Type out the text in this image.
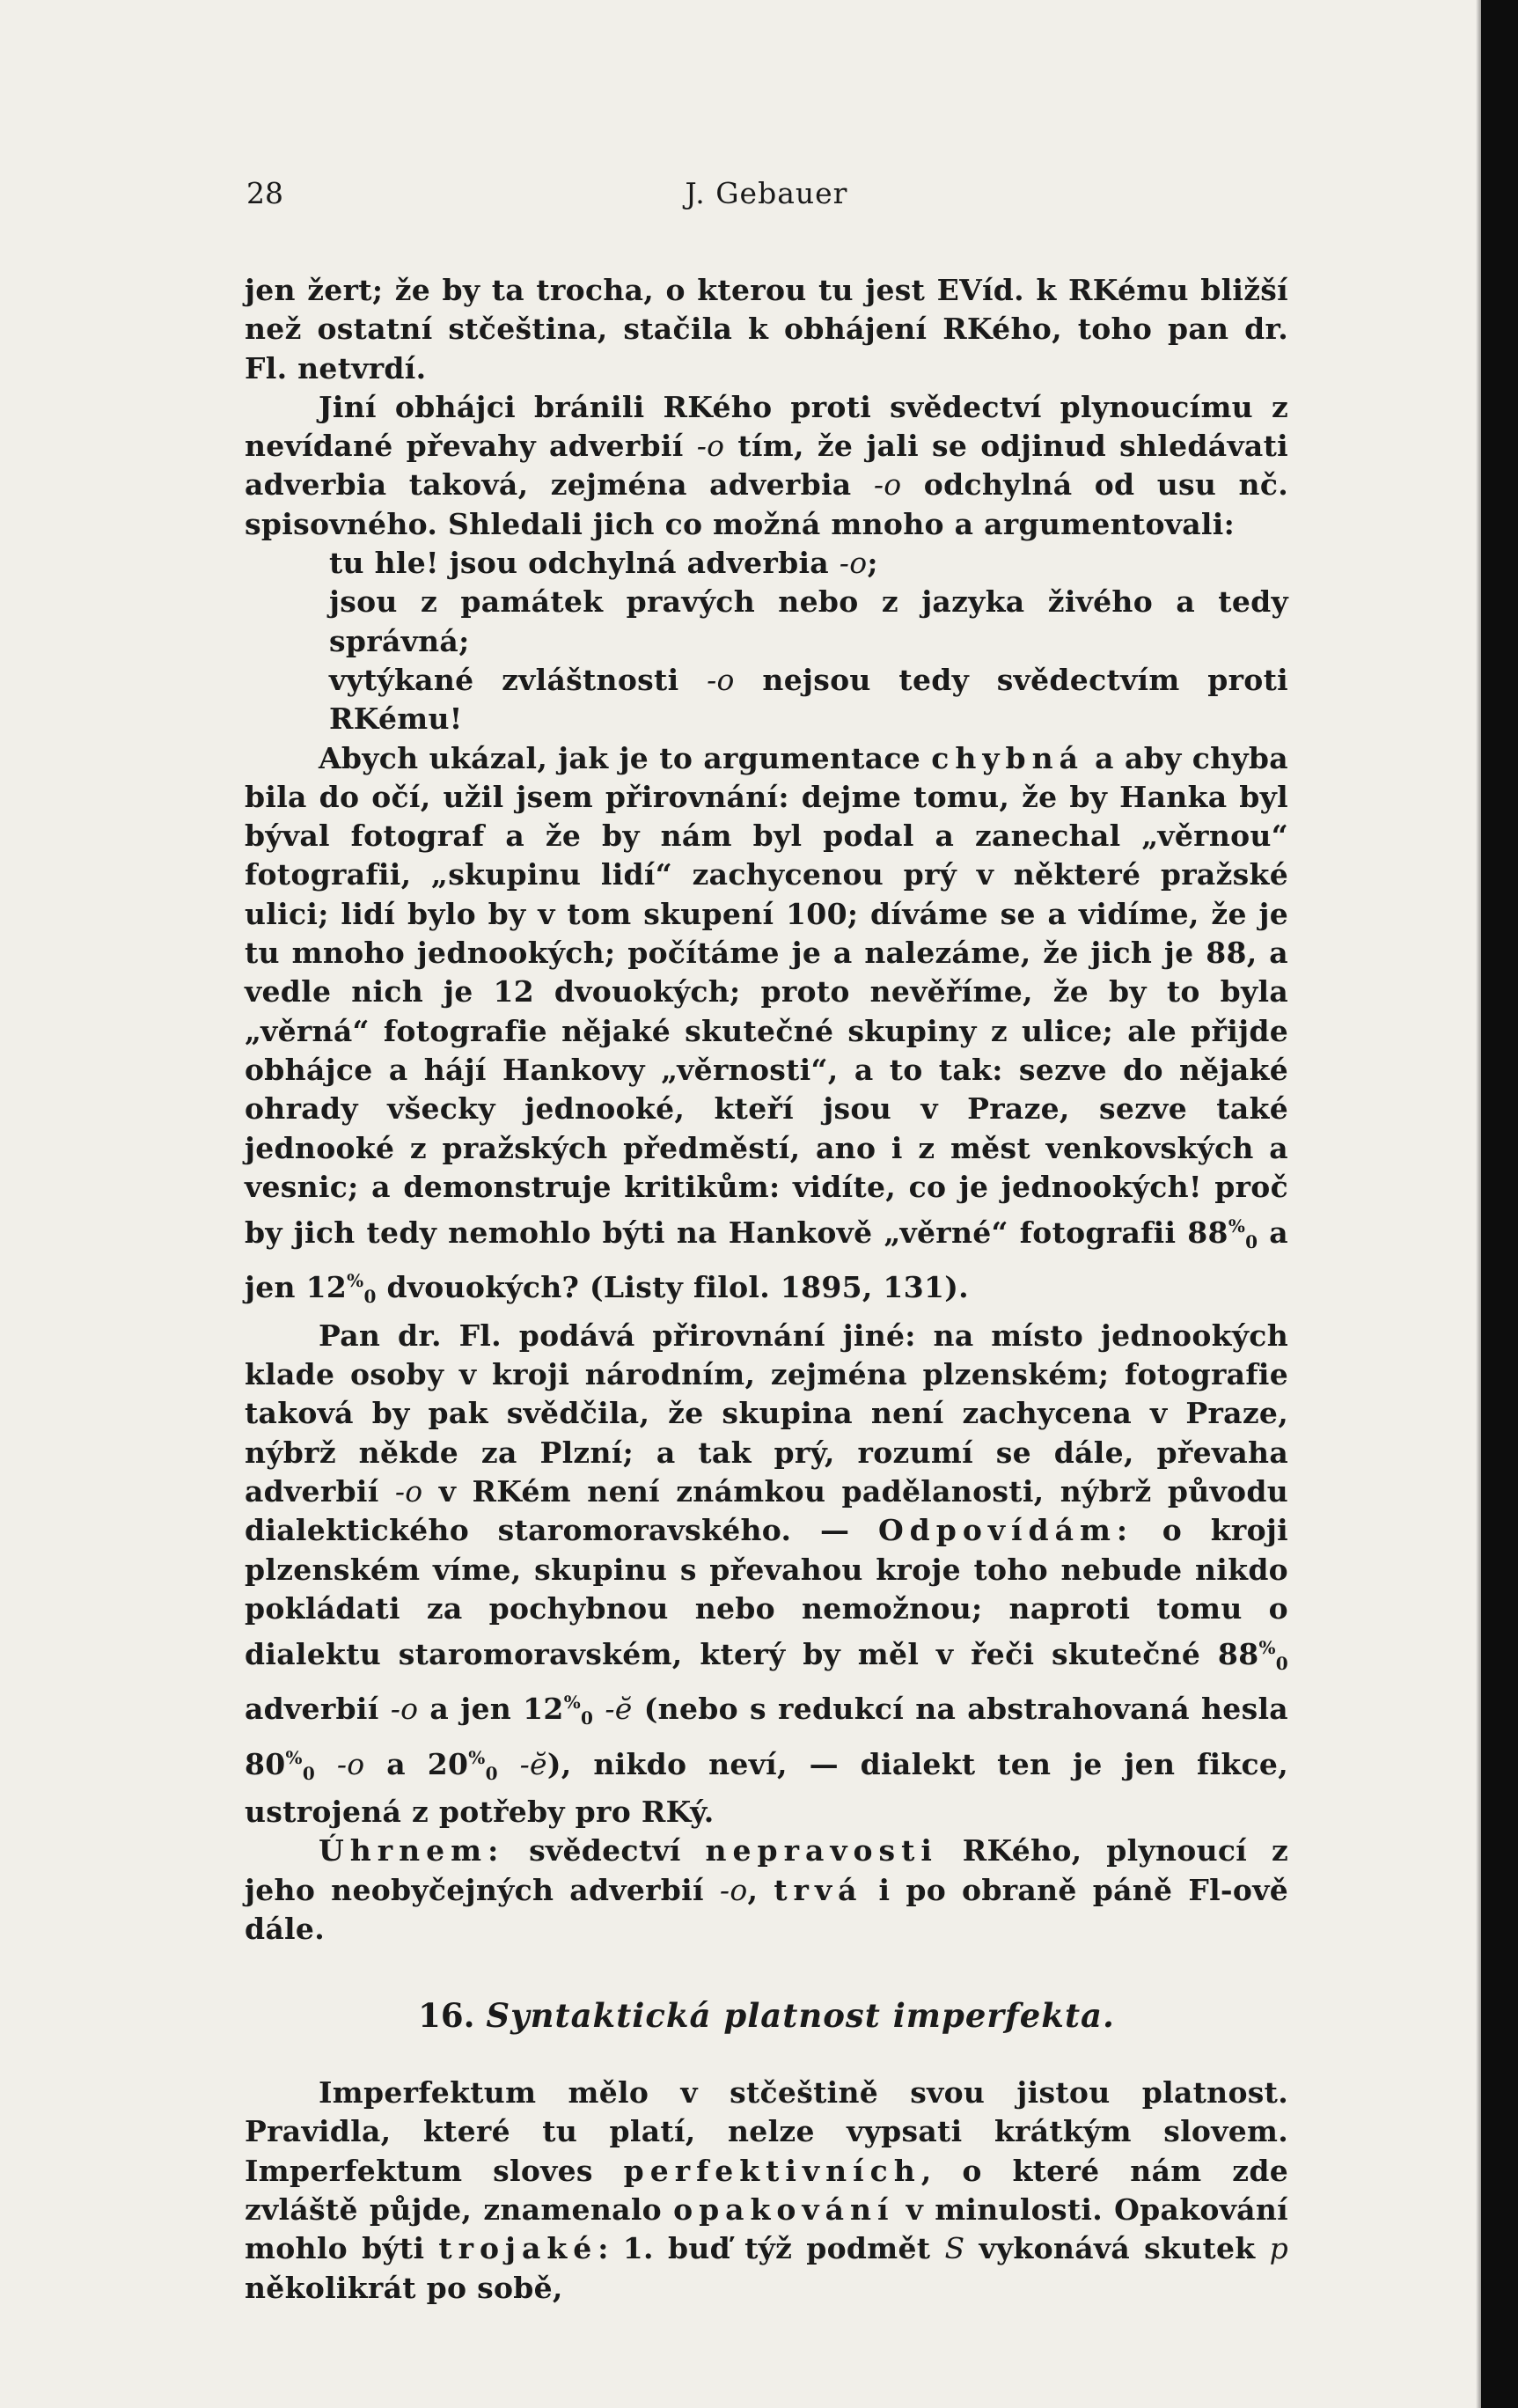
28	J. Gebauer

jen žert; že by ta trocha, o kterou tu jest EVíd. k RKému bližší než ostatní stčeština, stačila k obhájení RKého, toho pan dr. Fl. netvrdí.

Jiní obhájci bránili RKého proti svědectví plynoucímu z nevídané převahy adverbií -o tím, že jali se odjinud shledávati adverbia taková, zejména adverbia -o odchylná od usu nč. spisovného. Shledali jich co možná mnoho a argumentovali:

tu hle! jsou odchylná adverbia -o;

jsou z památek pravých nebo z jazyka živého a tedy správná;

vytýkané zvláštnosti -o nejsou tedy svědectvím proti RKému!

Abych ukázal, jak je to argumentace chybná a aby chyba bila do očí, užil jsem přirovnání: dejme tomu, že by Hanka byl býval fotograf a že by nám byl podal a zanechal „věrnou“ fotografii, „skupinu lidí“ zachycenou prý v některé pražské ulici; lidí bylo by v tom skupení 100; díváme se a vidíme, že je tu mnoho jednookých; počítáme je a nalezáme, že jich je 88, a vedle nich je 12 dvouokých; proto nevěříme, že by to byla „věrná“ fotografie nějaké skutečné skupiny z ulice; ale přijde obhájce a hájí Hankovy „věrnosti“, a to tak: sezve do nějaké ohrady všecky jednooké, kteří jsou v Praze, sezve také jednooké z pražských předměstí, ano i z měst venkovských a vesnic; a demonstruje kritikům: vidíte, co je jednookých! proč by jich tedy nemohlo býti na Hankově „věrné“ fotografii $88^{\%}_0$ a jen $12^{\%}_0$ dvouokých? (Listy filol. 1895, 131).

Pan dr. Fl. podává přirovnání jiné: na místo jednookých klade osoby v kroji národním, zejména plzenském; fotografie taková by pak svědčila, že skupina není zachycena v Praze, nýbrž někde za Plzní; a tak prý, rozumí se dále, převaha adverbií -o v RKém není známkou padělanosti, nýbrž původu dialektického staromoravského. — Odpovídám: o kroji plzenském víme, skupinu s převahou kroje toho nebude nikdo pokládati za pochybnou nebo nemožnou; naproti tomu o dialektu staromoravském, který by měl v řeči skutečné $88^{\%}_0$ adverbií -o a jen $12^{\%}_0$ -ĕ (nebo s redukcí na abstrahovaná hesla $80^{\%}_0$ -o a $20^{\%}_0$ -ĕ), nikdo neví, — dialekt ten je jen fikce, ustrojená z potřeby pro RKý.

Úhrnem: svědectví nepravosti RKého, plynoucí z jeho neobyčejných adverbií -o, trvá i po obraně páně Fl-ově dále.

16. Syntaktická platnost imperfekta.

Imperfektum mělo v stčeštině svou jistou platnost. Pravidla, které tu platí, nelze vypsati krátkým slovem. Imperfektum sloves perfektivních, o které nám zde zvláště půjde, znamenalo opakování v minulosti. Opakování mohlo býti trojaké: 1. buď týž podmět S vykonává skutek p několikrát po sobě,
